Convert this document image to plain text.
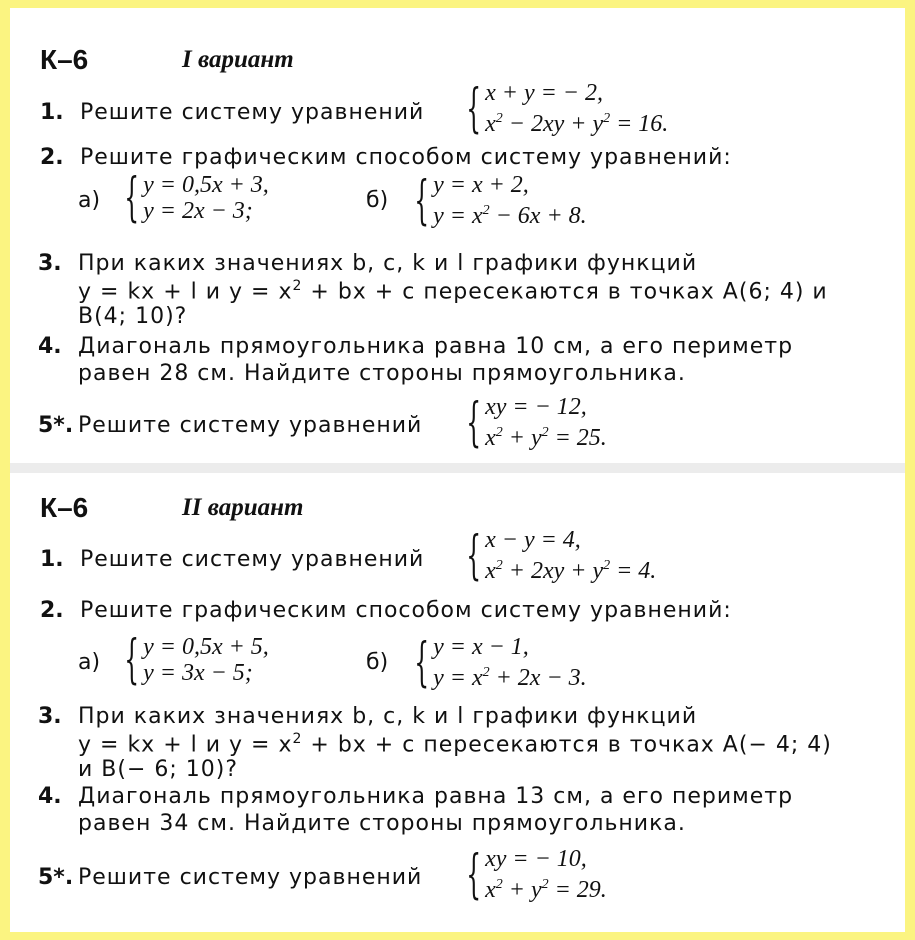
К–6	I вариант
1. Решите систему уравнений { x + y = − 2,
$x^2 - 2xy + y^2 = 16$.
2. Решите графическим способом систему уравнений:
а) { y = 0,5x + 3,
y = 2x − 3;	б) { y = x + 2,
$y = x^2 - 6x + 8$.
3. При каких значениях b, c, k и l графики функций
y = kx + l и $y = x^2$ + bx + c пересекаются в точках A(6; 4) и
B(4; 10)?
4. Диагональ прямоугольника равна 10 см, а его периметр
равен 28 см. Найдите стороны прямоугольника.
5*. Решите систему уравнений { xy = − 12,
$x^2 + y^2 = 25$.
К–6	II вариант
1. Решите систему уравнений { x − y = 4,
$x^2 + 2xy + y^2 = 4$.
2. Решите графическим способом систему уравнений:
а) { y = 0,5x + 5,
y = 3x − 5;	б) { y = x − 1,
$y = x^2 + 2x - 3$.
3. При каких значениях b, c, k и l графики функций
y = kx + l и $y = x^2$ + bx + c пересекаются в точках A(− 4; 4)
и B(− 6; 10)?
4. Диагональ прямоугольника равна 13 см, а его периметр
равен 34 см. Найдите стороны прямоугольника.
5*. Решите систему уравнений { xy = − 10,
$x^2 + y^2 = 29$.
